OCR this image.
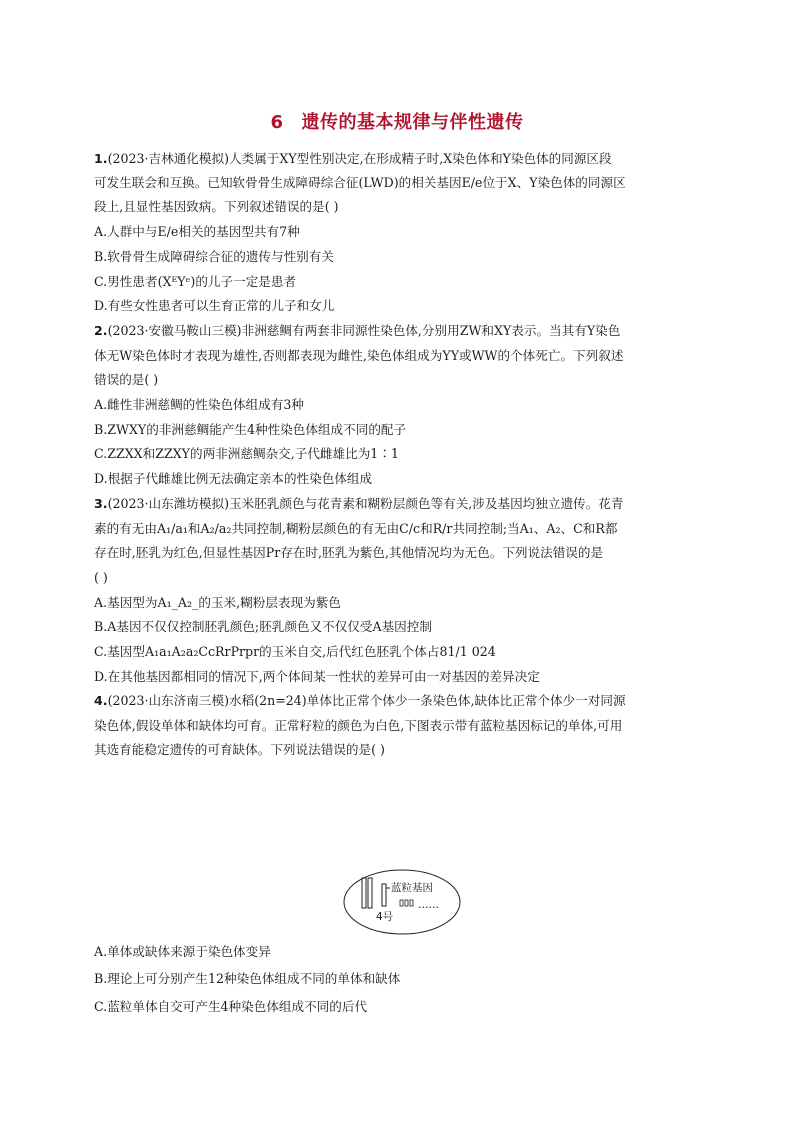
6 遗传的基本规律与伴性遗传
1.(2023·吉林通化模拟)人类属于XY型性别决定,在形成精子时,X染色体和Y染色体的同源区段
可发生联会和互换。已知软骨骨生成障碍综合征(LWD)的相关基因E/e位于X、Y染色体的同源区
段上,且显性基因致病。下列叙述错误的是( )
A.人群中与E/e相关的基因型共有7种
B.软骨骨生成障碍综合征的遗传与性别有关
C.男性患者(XᴱYᵉ)的儿子一定是患者
D.有些女性患者可以生育正常的儿子和女儿
2.(2023·安徽马鞍山三模)非洲慈鲷有两套非同源性染色体,分别用ZW和XY表示。当其有Y染色
体无W染色体时才表现为雄性,否则都表现为雌性,染色体组成为YY或WW的个体死亡。下列叙述
错误的是( )
A.雌性非洲慈鲷的性染色体组成有3种
B.ZWXY的非洲慈鲷能产生4种性染色体组成不同的配子
C.ZZXX和ZZXY的两非洲慈鲷杂交,子代雌雄比为1∶1
D.根据子代雌雄比例无法确定亲本的性染色体组成
3.(2023·山东潍坊模拟)玉米胚乳颜色与花青素和糊粉层颜色等有关,涉及基因均独立遗传。花青
素的有无由A₁/a₁和A₂/a₂共同控制,糊粉层颜色的有无由C/c和R/r共同控制;当A₁、A₂、C和R都
存在时,胚乳为红色,但显性基因Pr存在时,胚乳为紫色,其他情况均为无色。下列说法错误的是
( )
A.基因型为A₁_A₂_的玉米,糊粉层表现为紫色
B.A基因不仅仅控制胚乳颜色;胚乳颜色又不仅仅受A基因控制
C.基因型A₁a₁A₂a₂CcRrPrpr的玉米自交,后代红色胚乳个体占81/1 024
D.在其他基因都相同的情况下,两个体间某一性状的差异可由一对基因的差异决定
4.(2023·山东济南三模)水稻(2n=24)单体比正常个体少一条染色体,缺体比正常个体少一对同源
染色体,假设单体和缺体均可育。正常籽粒的颜色为白色,下图表示带有蓝粒基因标记的单体,可用
其选育能稳定遗传的可育缺体。下列说法错误的是( )
蓝粒基因
……
4号
A.单体或缺体来源于染色体变异
B.理论上可分别产生12种染色体组成不同的单体和缺体
C.蓝粒单体自交可产生4种染色体组成不同的后代
